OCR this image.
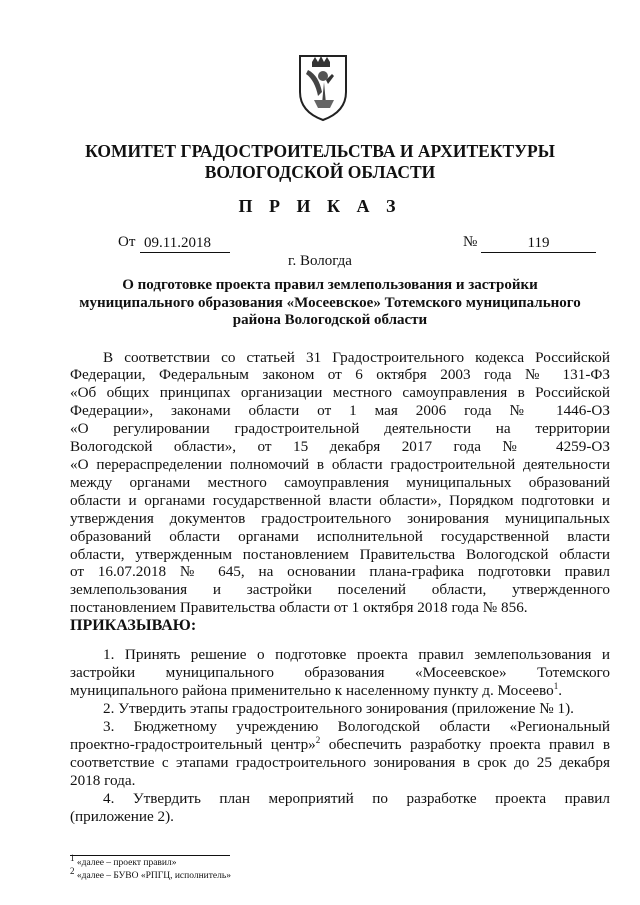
КОМИТЕТ ГРАДОСТРОИТЕЛЬСТВА И АРХИТЕКТУРЫ
ВОЛОГОДСКОЙ ОБЛАСТИ
П Р И К А З
От 09.11.2018	№	119
г. Вологда
О подготовке проекта правил землепользования и застройки
муниципального образования «Мосеевское» Тотемского муниципального
района Вологодской области
В соответствии со статьей 31 Градостроительного кодекса Российской
Федерации, Федеральным законом от 6 октября 2003 года № 131-ФЗ
«Об общих принципах организации местного самоуправления в Российской
Федерации», законами области от 1 мая 2006 года № 1446-ОЗ
«О регулировании градостроительной деятельности на территории
Вологодской области», от 15 декабря 2017 года № 4259-ОЗ
«О перераспределении полномочий в области градостроительной деятельности
между органами местного самоуправления муниципальных образований
области и органами государственной власти области», Порядком подготовки и
утверждения документов градостроительного зонирования муниципальных
образований области органами исполнительной государственной власти
области, утвержденным постановлением Правительства Вологодской области
от 16.07.2018 № 645, на основании плана-графика подготовки правил
землепользования и застройки поселений области, утвержденного
постановлением Правительства области от 1 октября 2018 года № 856.
ПРИКАЗЫВАЮ:
1. Принять решение о подготовке проекта правил землепользования и
застройки муниципального образования «Мосеевское» Тотемского
муниципального района применительно к населенному пункту д. Мосеево$^1$.
2. Утвердить этапы градостроительного зонирования (приложение № 1).
3. Бюджетному учреждению Вологодской области «Региональный
проектно-градостроительный центр»$^2$ обеспечить разработку проекта правил в
соответствие с этапами градостроительного зонирования в срок до 25 декабря
2018 года.
4. Утвердить план мероприятий по разработке проекта правил
(приложение 2).
$^1$ «далее – проект правил»
$^2$ «далее – БУВО «РПГЦ, исполнитель»
